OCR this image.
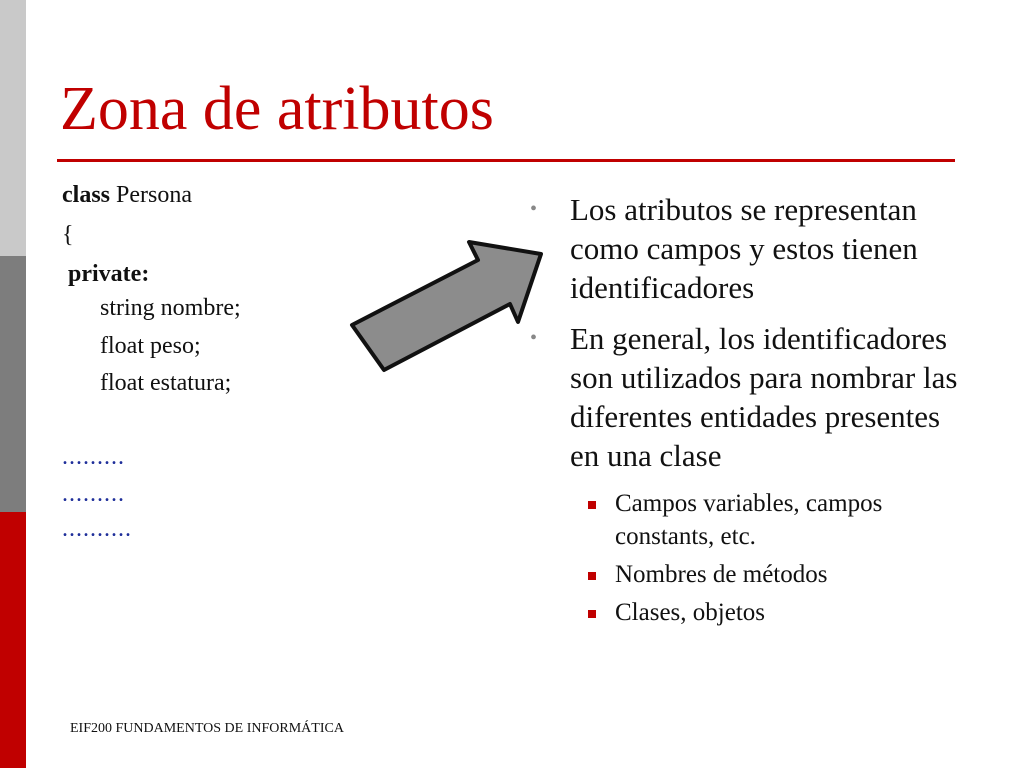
Zona de atributos
class Persona
{
private:
string nombre;
float peso;
float estatura;
.........
.........
..........
• Los atributos se representan como campos y estos tienen identificadores
• En general, los identificadores son utilizados para nombrar las diferentes entidades presentes en una clase
Campos variables, campos constants, etc.
Nombres de métodos
Clases, objetos
EIF200 FUNDAMENTOS DE INFORMÁTICA
